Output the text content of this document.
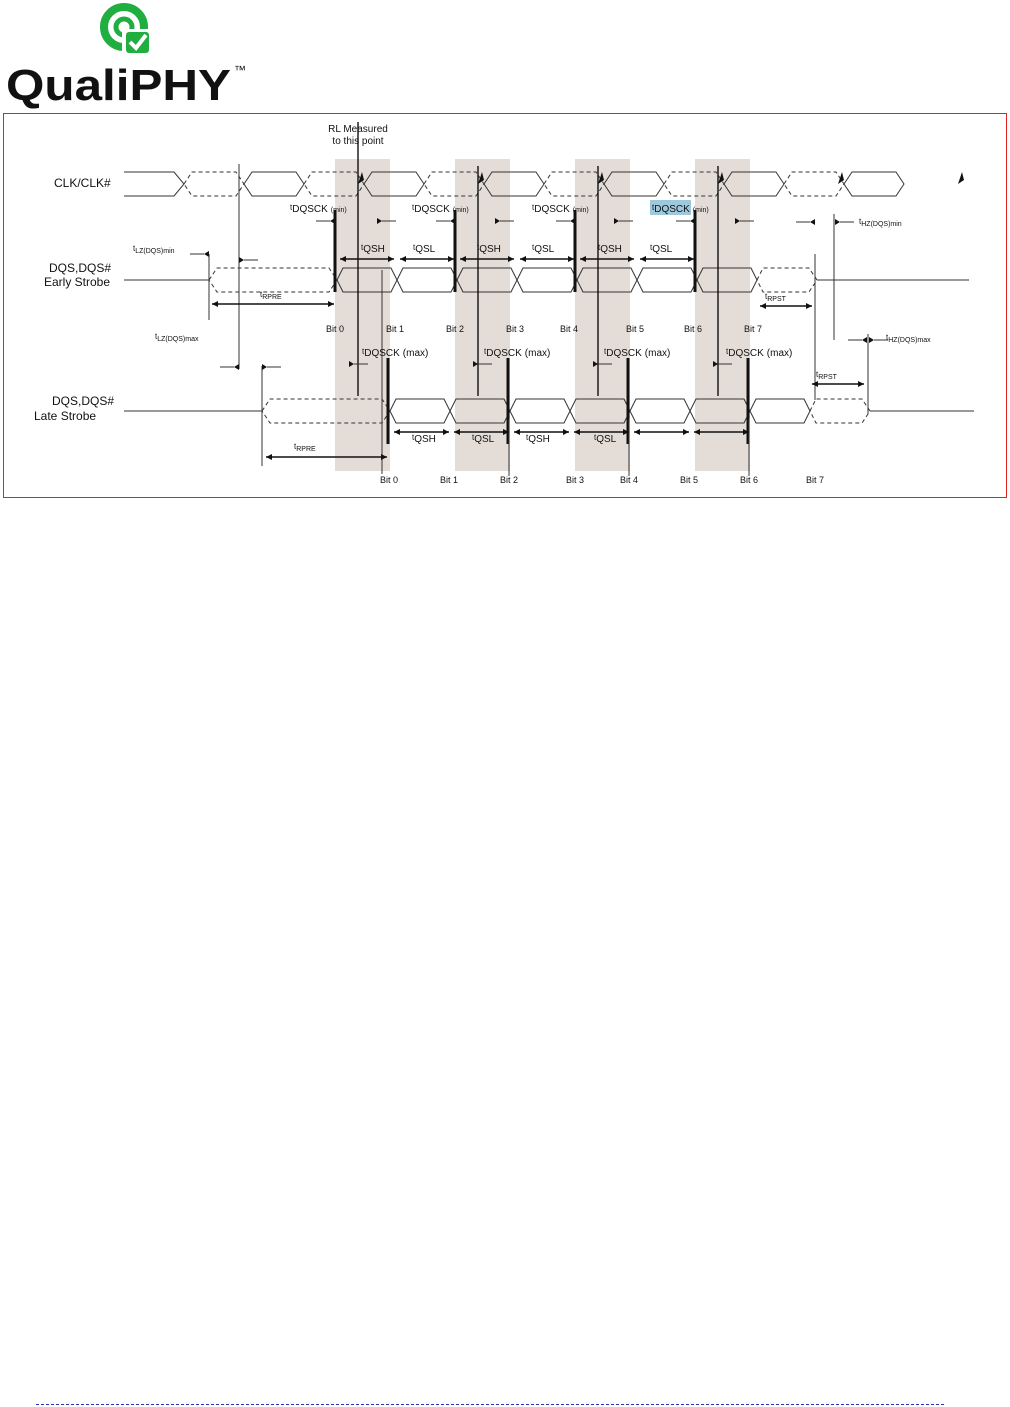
QualiPHY ™
CLK/CLK#
DQS,DQS#
Early Strobe
DQS,DQS#
Late Strobe
RL Measured
to this point
$t_{LZ(DQS)min}$
$t_{LZ(DQS)max}$
$t_{HZ(DQS)min}$
$t_{HZ(DQS)max}$
$t_{RPRE}$
$t_{RPRE}$
$t_{RPST}$
$t_{RPST}$
tDQSCK (min)	tDQSCK (min)	tDQSCK (min)	tDQSCK (min)
tDQSCK (max)	tDQSCK (max)	tDQSCK (max)	tDQSCK (max)
tQSH	tQSL	tQSH	tQSL	tQSH	tQSL
tQSH	tQSL	tQSH	tQSL
Bit 0	Bit 1	Bit 2	Bit 3	Bit 4	Bit 5	Bit 6	Bit 7
Bit 0	Bit 1	Bit 2	Bit 3	Bit 4	Bit 5	Bit 6	Bit 7
